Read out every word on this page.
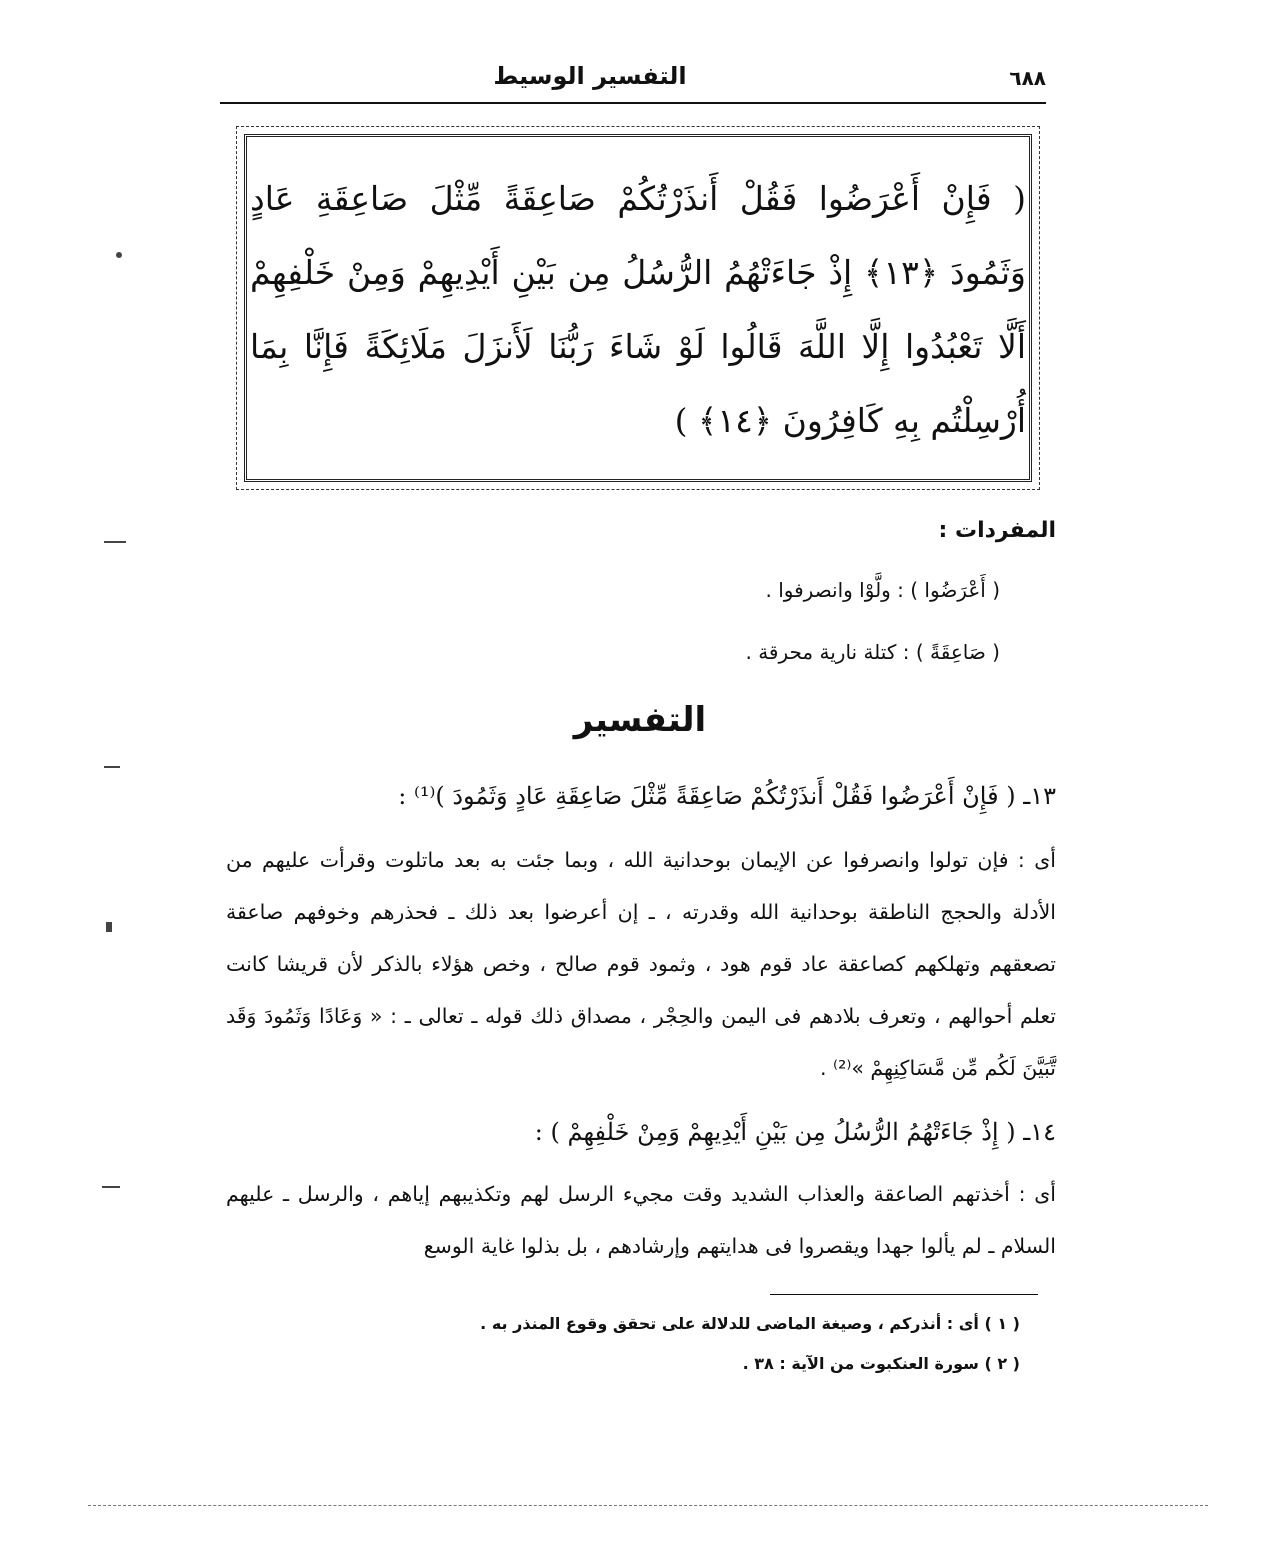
التفسير الوسيط	٦٨٨
( فَإِنْ أَعْرَضُوا فَقُلْ أَنذَرْتُكُمْ صَاعِقَةً مِّثْلَ صَاعِقَةِ عَادٍ
وَثَمُودَ ﴿١٣﴾ إِذْ جَاءَتْهُمُ الرُّسُلُ مِن بَيْنِ أَيْدِيهِمْ وَمِنْ خَلْفِهِمْ
أَلَّا تَعْبُدُوا إِلَّا اللَّهَ قَالُوا لَوْ شَاءَ رَبُّنَا لَأَنزَلَ مَلَائِكَةً فَإِنَّا بِمَا
أُرْسِلْتُم بِهِ كَافِرُونَ ﴿١٤﴾ )
المفردات :
( أَعْرَضُوا ) : ولَّوْا وانصرفوا .
( صَاعِقَةً ) : كتلة نارية محرقة .
التفسير
١٣ـ ( فَإِنْ أَعْرَضُوا فَقُلْ أَنذَرْتُكُمْ صَاعِقَةً مِّثْلَ صَاعِقَةِ عَادٍ وَثَمُودَ )⁽¹⁾ :
أى : فإن تولوا وانصرفوا عن الإيمان بوحدانية الله ، وبما جئت به بعد ماتلوت وقرأت عليهم من الأدلة والحجج الناطقة بوحدانية الله وقدرته ، ـ إن أعرضوا بعد ذلك ـ فحذرهم وخوفهم صاعقة تصعقهم وتهلكهم كصاعقة عاد قوم هود ، وثمود قوم صالح ، وخص هؤلاء بالذكر لأن قريشا كانت تعلم أحوالهم ، وتعرف بلادهم فى اليمن والحِجْر ، مصداق ذلك قوله ـ تعالى ـ : « وَعَادًا وَثَمُودَ وَقَد تَّبَيَّنَ لَكُم مِّن مَّسَاكِنِهِمْ »⁽²⁾ .
١٤ـ ( إِذْ جَاءَتْهُمُ الرُّسُلُ مِن بَيْنِ أَيْدِيهِمْ وَمِنْ خَلْفِهِمْ ) :
أى : أخذتهم الصاعقة والعذاب الشديد وقت مجيء الرسل لهم وتكذيبهم إياهم ، والرسل ـ عليهم السلام ـ لم يألوا جهدا ويقصروا فى هدايتهم وإرشادهم ، بل بذلوا غاية الوسع
( ١ ) أى : أنذركم ، وصيغة الماضى للدلالة على تحقق وقوع المنذر به .
( ٢ ) سورة العنكبوت من الآية : ٣٨ .
